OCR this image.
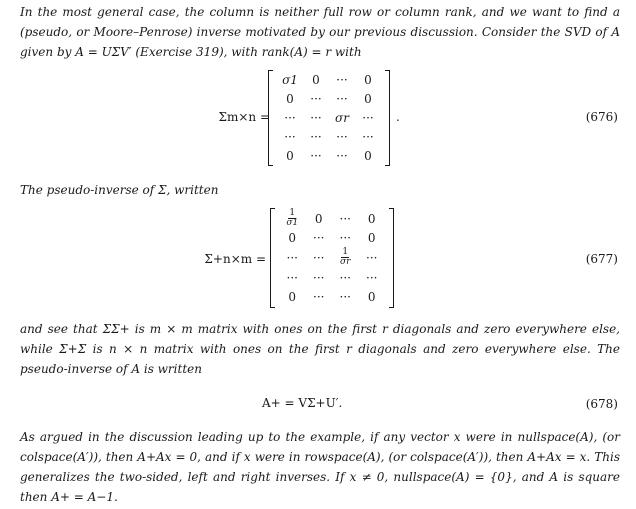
In the most general case, the column is neither full row or column rank, and we want to find a (pseudo, or Moore–Penrose) inverse motivated by our previous discussion. Consider the SVD of A given by A = UΣV′ (Exercise 319), with rank(A) = r with

Σm×n =
σ1	0	···	0
0	···	···	0
···	···	σr	···
···	···	···	···
0	···	···	0
.	(676)

The pseudo-inverse of Σ, written

Σ+n×m =
$\frac{1}{\sigma 1}$	0	···	0
0	···	···	0
···	···	$\frac{1}{\sigma r}$	···
···	···	···	···
0	···	···	0
(677)

and see that ΣΣ+ is m × m matrix with ones on the first r diagonals and zero everywhere else, while Σ+Σ is n × n matrix with ones on the first r diagonals and zero everywhere else. The pseudo-inverse of A is written

A+ = VΣ+U′.	(678)

As argued in the discussion leading up to the example, if any vector x were in nullspace(A), (or colspace(A′)), then A+Ax = 0, and if x were in rowspace(A), (or colspace(A′)), then A+Ax = x. This generalizes the two-sided, left and right inverses. If x ≠ 0, nullspace(A) = {0}, and A is square then A+ = A−1.
